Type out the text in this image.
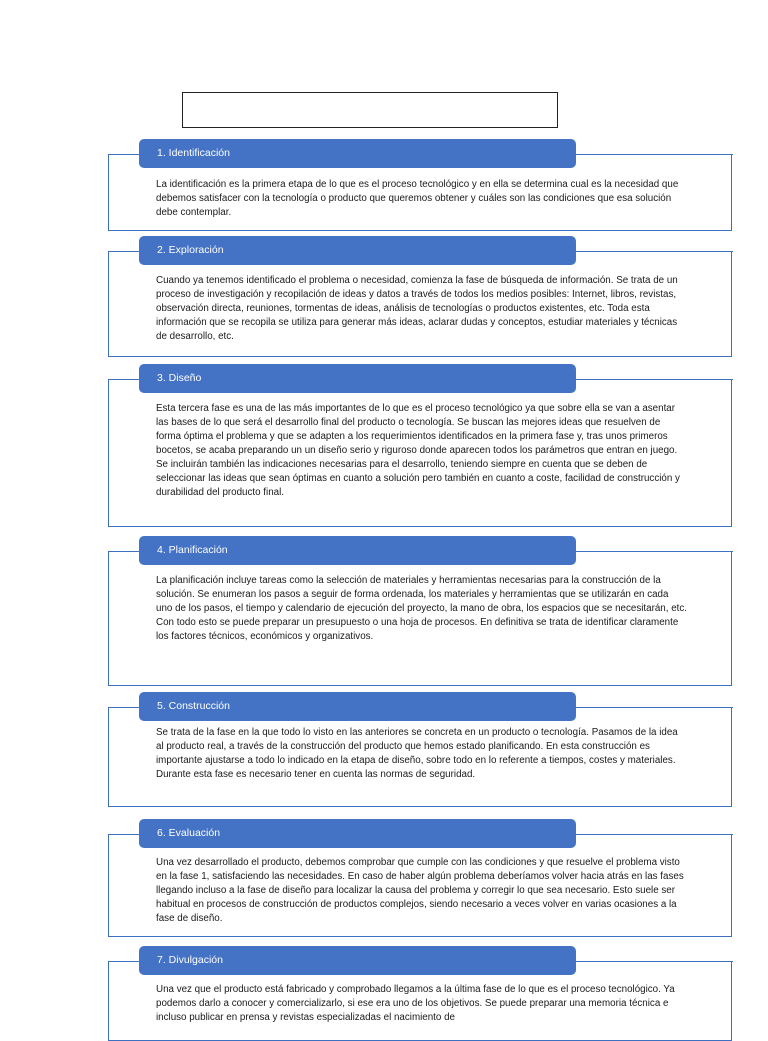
1. Identificación
La identificación es la primera etapa de lo que es el proceso tecnológico y en ella se determina cual es la necesidad que debemos satisfacer con la tecnología o producto que queremos obtener y cuáles son las condiciones que esa solución debe contemplar.
2. Exploración
Cuando ya tenemos identificado el problema o necesidad, comienza la fase de búsqueda de información. Se trata de un proceso de investigación y recopilación de ideas y datos a través de todos los medios posibles: Internet, libros, revistas, observación directa, reuniones, tormentas de ideas, análisis de tecnologías o productos existentes, etc. Toda esta información que se recopila se utiliza para generar más ideas, aclarar dudas y conceptos, estudiar materiales y técnicas de desarrollo, etc.
3. Diseño
Esta tercera fase es una de las más importantes de lo que es el proceso tecnológico ya que sobre ella se van a asentar las bases de lo que será el desarrollo final del producto o tecnología. Se buscan las mejores ideas que resuelven de forma óptima el problema y que se adapten a los requerimientos identificados en la primera fase y, tras unos primeros bocetos, se acaba preparando un un diseño serio y riguroso donde aparecen todos los parámetros que entran en juego. Se incluirán también las indicaciones necesarias para el desarrollo, teniendo siempre en cuenta que se deben de seleccionar las ideas que sean óptimas en cuanto a solución pero también en cuanto a coste, facilidad de construcción y durabilidad del producto final.
4. Planificación
La planificación incluye tareas como la selección de materiales y herramientas necesarias para la construcción de la solución. Se enumeran los pasos a seguir de forma ordenada, los materiales y herramientas que se utilizarán en cada uno de los pasos, el tiempo y calendario de ejecución del proyecto, la mano de obra, los espacios que se necesitarán, etc. Con todo esto se puede preparar un presupuesto o una hoja de procesos. En definitiva se trata de identificar claramente los factores técnicos, económicos y organizativos.
5. Construcción
Se trata de la fase en la que todo lo visto en las anteriores se concreta en un producto o tecnología. Pasamos de la idea al producto real, a través de la construcción del producto que hemos estado planificando. En esta construcción es importante ajustarse a todo lo indicado en la etapa de diseño, sobre todo en lo referente a tiempos, costes y materiales. Durante esta fase es necesario tener en cuenta las normas de seguridad.
6. Evaluación
Una vez desarrollado el producto, debemos comprobar que cumple con las condiciones y que resuelve el problema visto en la fase 1, satisfaciendo las necesidades. En caso de haber algún problema deberíamos volver hacia atrás en las fases llegando incluso a la fase de diseño para localizar la causa del problema y corregir lo que sea necesario. Esto suele ser habitual en procesos de construcción de productos complejos, siendo necesario a veces volver en varias ocasiones a la fase de diseño.
7. Divulgación
Una vez que el producto está fabricado y comprobado llegamos a la última fase de lo que es el proceso tecnológico. Ya podemos darlo a conocer y comercializarlo, si ese era uno de los objetivos. Se puede preparar una memoria técnica e incluso publicar en prensa y revistas especializadas el nacimiento de
